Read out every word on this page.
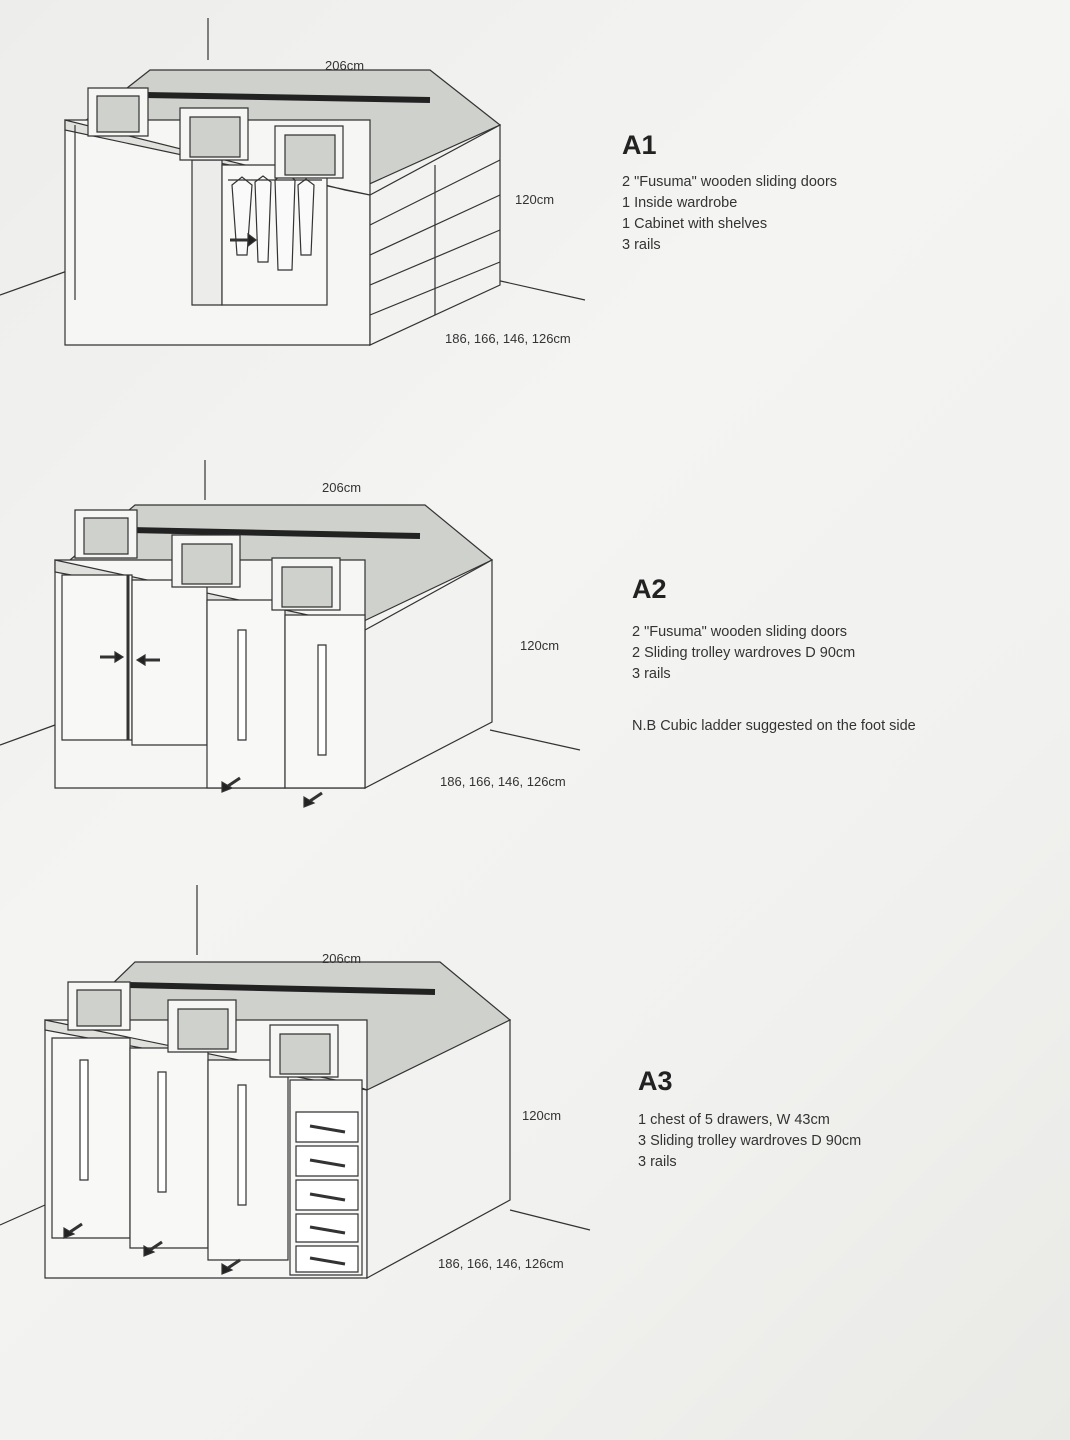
206cm
120cm
186, 166, 146, 126cm
A1
2 "Fusuma" wooden sliding doors
1 Inside wardrobe
1 Cabinet with shelves
3 rails
206cm
120cm
186, 166, 146, 126cm
A2
2 "Fusuma" wooden sliding doors
2 Sliding trolley wardroves D 90cm
3 rails
N.B Cubic ladder suggested on the foot side
206cm
120cm
186, 166, 146, 126cm
A3
1 chest of 5 drawers, W 43cm
3 Sliding trolley wardroves D 90cm
3 rails
